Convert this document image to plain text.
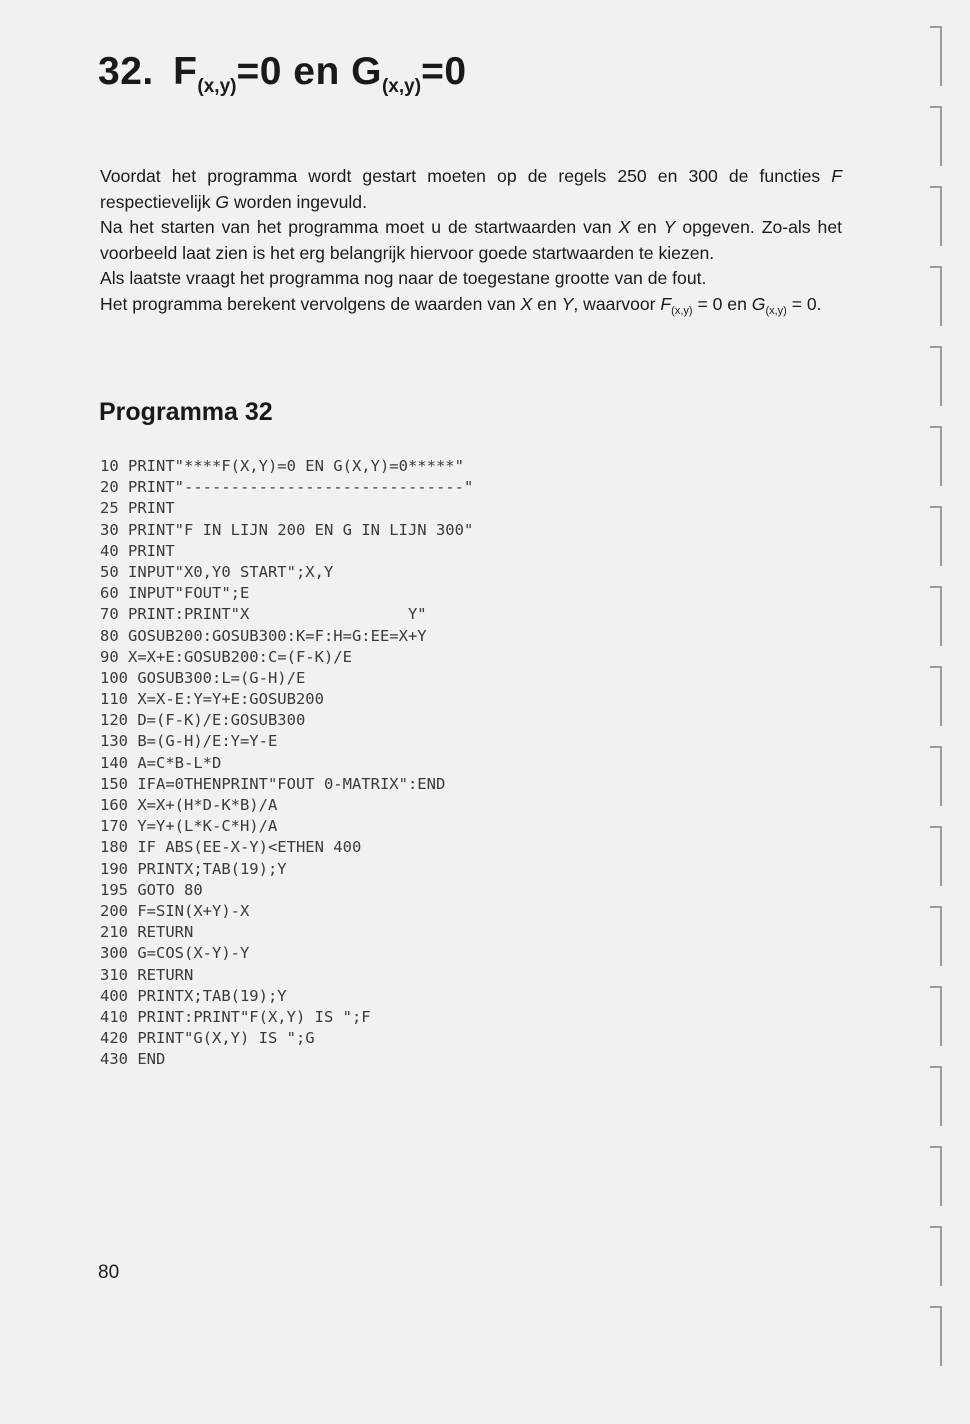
32. $F_{(x,y)}=0$ en $G_{(x,y)}=0$

Voordat het programma wordt gestart moeten op de regels 250 en 300 de functies F respectievelijk G worden ingevuld.

Na het starten van het programma moet u de startwaarden van X en Y opgeven. Zo-als het voorbeeld laat zien is het erg belangrijk hiervoor goede startwaarden te kiezen.

Als laatste vraagt het programma nog naar de toegestane grootte van de fout.

Het programma berekent vervolgens de waarden van X en Y, waarvoor $F_{(x,y)} = 0$ en $G_{(x,y)} = 0$.

Programma 32
10 PRINT"****F(X,Y)=0 EN G(X,Y)=0*****"
20 PRINT"------------------------------"
25 PRINT
30 PRINT"F IN LIJN 200 EN G IN LIJN 300"
40 PRINT
50 INPUT"X0,Y0 START";X,Y
60 INPUT"FOUT";E
70 PRINT:PRINT"X                 Y"
80 GOSUB200:GOSUB300:K=F:H=G:EE=X+Y
90 X=X+E:GOSUB200:C=(F-K)/E
100 GOSUB300:L=(G-H)/E
110 X=X-E:Y=Y+E:GOSUB200
120 D=(F-K)/E:GOSUB300
130 B=(G-H)/E:Y=Y-E
140 A=C*B-L*D
150 IFA=0THENPRINT"FOUT 0-MATRIX":END
160 X=X+(H*D-K*B)/A
170 Y=Y+(L*K-C*H)/A
180 IF ABS(EE-X-Y)<ETHEN 400
190 PRINTX;TAB(19);Y
195 GOTO 80
200 F=SIN(X+Y)-X
210 RETURN
300 G=COS(X-Y)-Y
310 RETURN
400 PRINTX;TAB(19);Y
410 PRINT:PRINT"F(X,Y) IS ";F
420 PRINT"G(X,Y) IS ";G
430 END
80
